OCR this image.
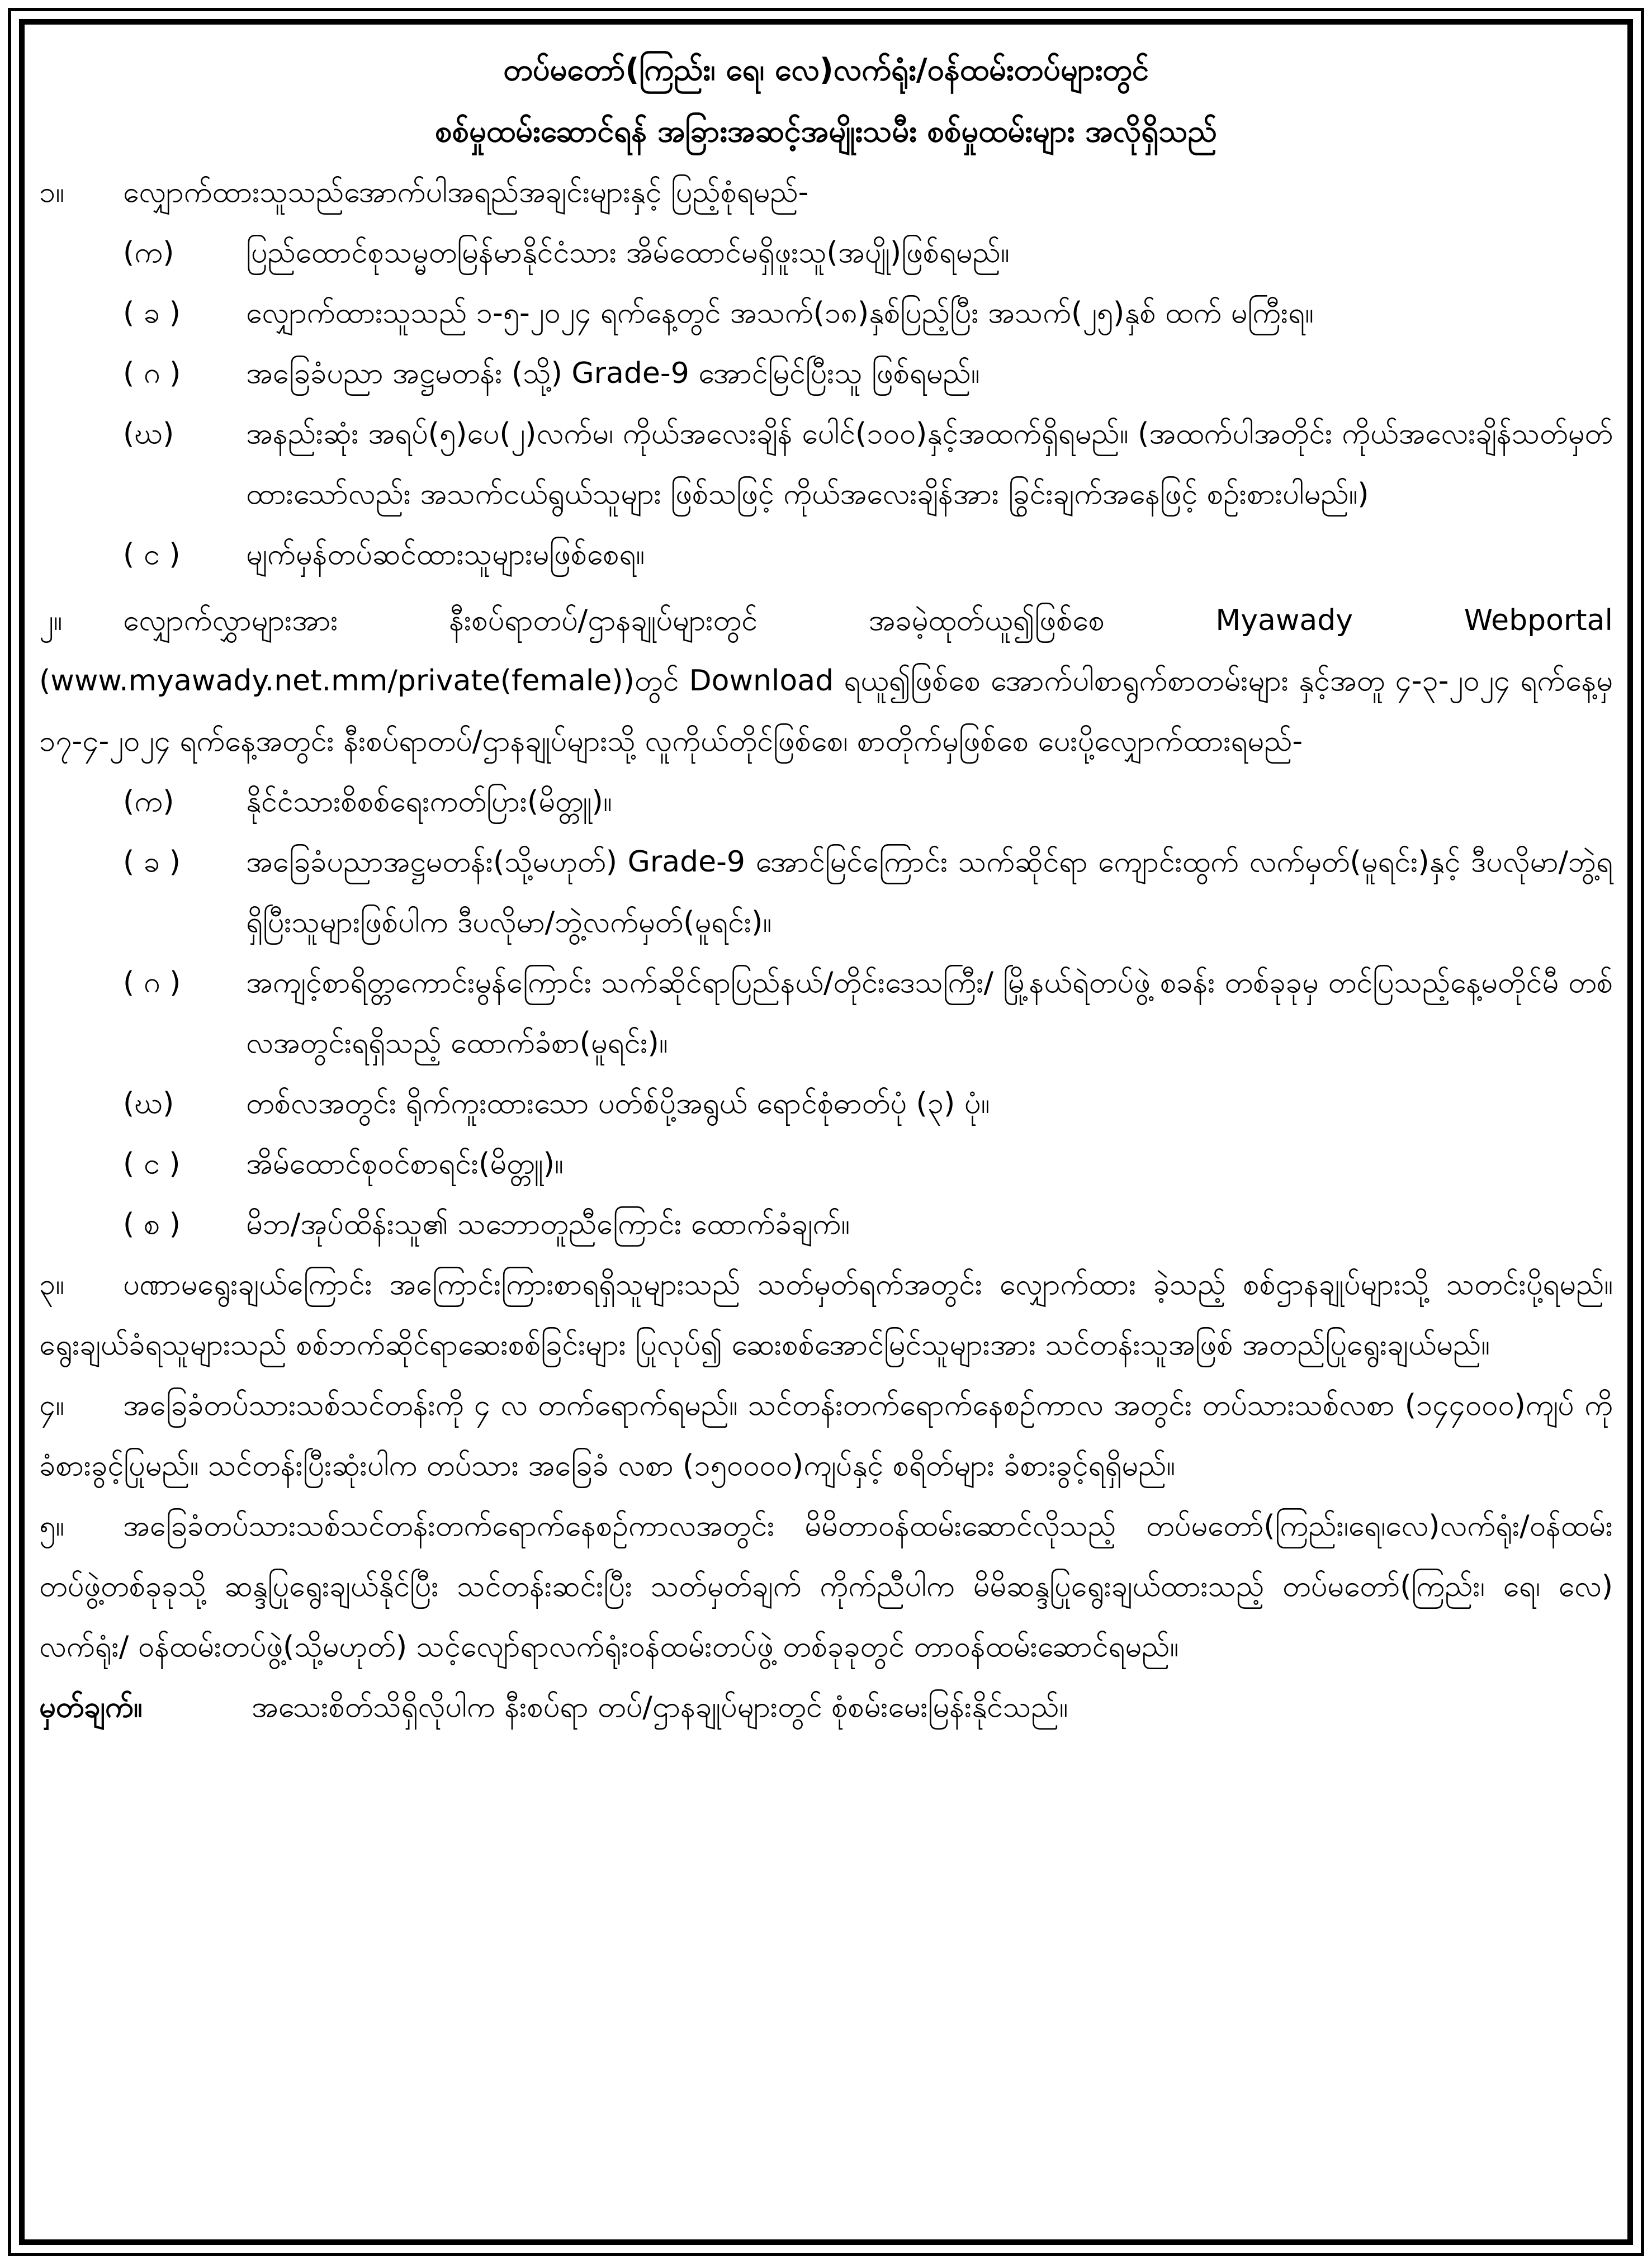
တပ်မတော်(ကြည်း၊ ရေ၊ လေ)လက်ရုံး/ဝန်ထမ်းတပ်များတွင်
စစ်မှုထမ်းဆောင်ရန် အခြားအဆင့်အမျိုးသမီး စစ်မှုထမ်းများ အလိုရှိသည်
၁။	လျှောက်ထားသူသည်အောက်ပါအရည်အချင်းများနှင့် ပြည့်စုံရမည်-
(က)	ပြည်ထောင်စုသမ္မတမြန်မာနိုင်ငံသား အိမ်ထောင်မရှိဖူးသူ(အပျို)ဖြစ်ရမည်။
( ခ )	လျှောက်ထားသူသည် ၁-၅-၂၀၂၄ ရက်နေ့တွင် အသက်(၁၈)နှစ်ပြည့်ပြီး အသက်(၂၅)နှစ် ထက် မကြီးရ။
( ဂ )	အခြေခံပညာ အဋ္ဌမတန်း (သို့) Grade-9 အောင်မြင်ပြီးသူ ဖြစ်ရမည်။
(ဃ)	အနည်းဆုံး အရပ်(၅)ပေ(၂)လက်မ၊ ကိုယ်အလေးချိန် ပေါင်(၁၀၀)နှင့်အထက်ရှိရမည်။ (အထက်ပါအတိုင်း ကိုယ်အလေးချိန်သတ်မှတ်ထားသော်လည်း အသက်ငယ်ရွယ်သူများ ဖြစ်သဖြင့် ကိုယ်အလေးချိန်အား ခြွင်းချက်အနေဖြင့် စဉ်းစားပါမည်။)
( င )	မျက်မှန်တပ်ဆင်ထားသူများမဖြစ်စေရ။
၂။ လျှောက်လွှာများအား နီးစပ်ရာတပ်/ဌာနချုပ်များတွင် အခမဲ့ထုတ်ယူ၍ဖြစ်စေ Myawady Webportal (www.myawady.net.mm/private(female))တွင် Download ရယူ၍ဖြစ်စေ အောက်ပါစာရွက်စာတမ်းများ နှင့်အတူ ၄-၃-၂၀၂၄ ရက်နေ့မှ ၁၇-၄-၂၀၂၄ ရက်နေ့အတွင်း နီးစပ်ရာတပ်/ဌာနချုပ်များသို့ လူကိုယ်တိုင်ဖြစ်စေ၊ စာတိုက်မှဖြစ်စေ ပေးပို့လျှောက်ထားရမည်-
(က)	နိုင်ငံသားစိစစ်ရေးကတ်ပြား(မိတ္တူ)။
( ခ )	အခြေခံပညာအဋ္ဌမတန်း(သို့မဟုတ်) Grade-9 အောင်မြင်ကြောင်း သက်ဆိုင်ရာ ကျောင်းထွက် လက်မှတ်(မူရင်း)နှင့် ဒီပလိုမာ/ဘွဲ့ရရှိပြီးသူများဖြစ်ပါက ဒီပလိုမာ/ဘွဲ့လက်မှတ်(မူရင်း)။
( ဂ )	အကျင့်စာရိတ္တကောင်းမွန်ကြောင်း သက်ဆိုင်ရာပြည်နယ်/တိုင်းဒေသကြီး/ မြို့နယ်ရဲတပ်ဖွဲ့ စခန်း တစ်ခုခုမှ တင်ပြသည့်နေ့မတိုင်မီ တစ်လအတွင်းရရှိသည့် ထောက်ခံစာ(မူရင်း)။
(ဃ)	တစ်လအတွင်း ရိုက်ကူးထားသော ပတ်စ်ပို့အရွယ် ရောင်စုံဓာတ်ပုံ (၃) ပုံ။
( င )	အိမ်ထောင်စုဝင်စာရင်း(မိတ္တူ)။
( စ )	မိဘ/အုပ်ထိန်းသူ၏ သဘောတူညီကြောင်း ထောက်ခံချက်။
၃။ ပဏာမရွေးချယ်ကြောင်း အကြောင်းကြားစာရရှိသူများသည် သတ်မှတ်ရက်အတွင်း လျှောက်ထား ခဲ့သည့် စစ်ဌာနချုပ်များသို့ သတင်းပို့ရမည်။ ရွေးချယ်ခံရသူများသည် စစ်ဘက်ဆိုင်ရာဆေးစစ်ခြင်းများ ပြုလုပ်၍ ဆေးစစ်အောင်မြင်သူများအား သင်တန်းသူအဖြစ် အတည်ပြုရွေးချယ်မည်။
၄။ အခြေခံတပ်သားသစ်သင်တန်းကို ၄ လ တက်ရောက်ရမည်။ သင်တန်းတက်ရောက်နေစဉ်ကာလ အတွင်း တပ်သားသစ်လစာ (၁၄၄၀၀၀)ကျပ် ကိုခံစားခွင့်ပြုမည်။ သင်တန်းပြီးဆုံးပါက တပ်သား အခြေခံ လစာ (၁၅၀၀၀၀)ကျပ်နှင့် စရိတ်များ ခံစားခွင့်ရရှိမည်။
၅။ အခြေခံတပ်သားသစ်သင်တန်းတက်ရောက်နေစဉ်ကာလအတွင်း မိမိတာဝန်ထမ်းဆောင်လိုသည့် တပ်မတော်(ကြည်း၊ရေ၊လေ)လက်ရုံး/ဝန်ထမ်း တပ်ဖွဲ့တစ်ခုခုသို့ ဆန္ဒပြုရွေးချယ်နိုင်ပြီး သင်တန်းဆင်းပြီး သတ်မှတ်ချက် ကိုက်ညီပါက မိမိဆန္ဒပြုရွေးချယ်ထားသည့် တပ်မတော်(ကြည်း၊ ရေ၊ လေ) လက်ရုံး/ ဝန်ထမ်းတပ်ဖွဲ့(သို့မဟုတ်) သင့်လျော်ရာလက်ရုံးဝန်ထမ်းတပ်ဖွဲ့ တစ်ခုခုတွင် တာဝန်ထမ်းဆောင်ရမည်။
မှတ်ချက်။	အသေးစိတ်သိရှိလိုပါက နီးစပ်ရာ တပ်/ဌာနချုပ်များတွင် စုံစမ်းမေးမြန်းနိုင်သည်။
